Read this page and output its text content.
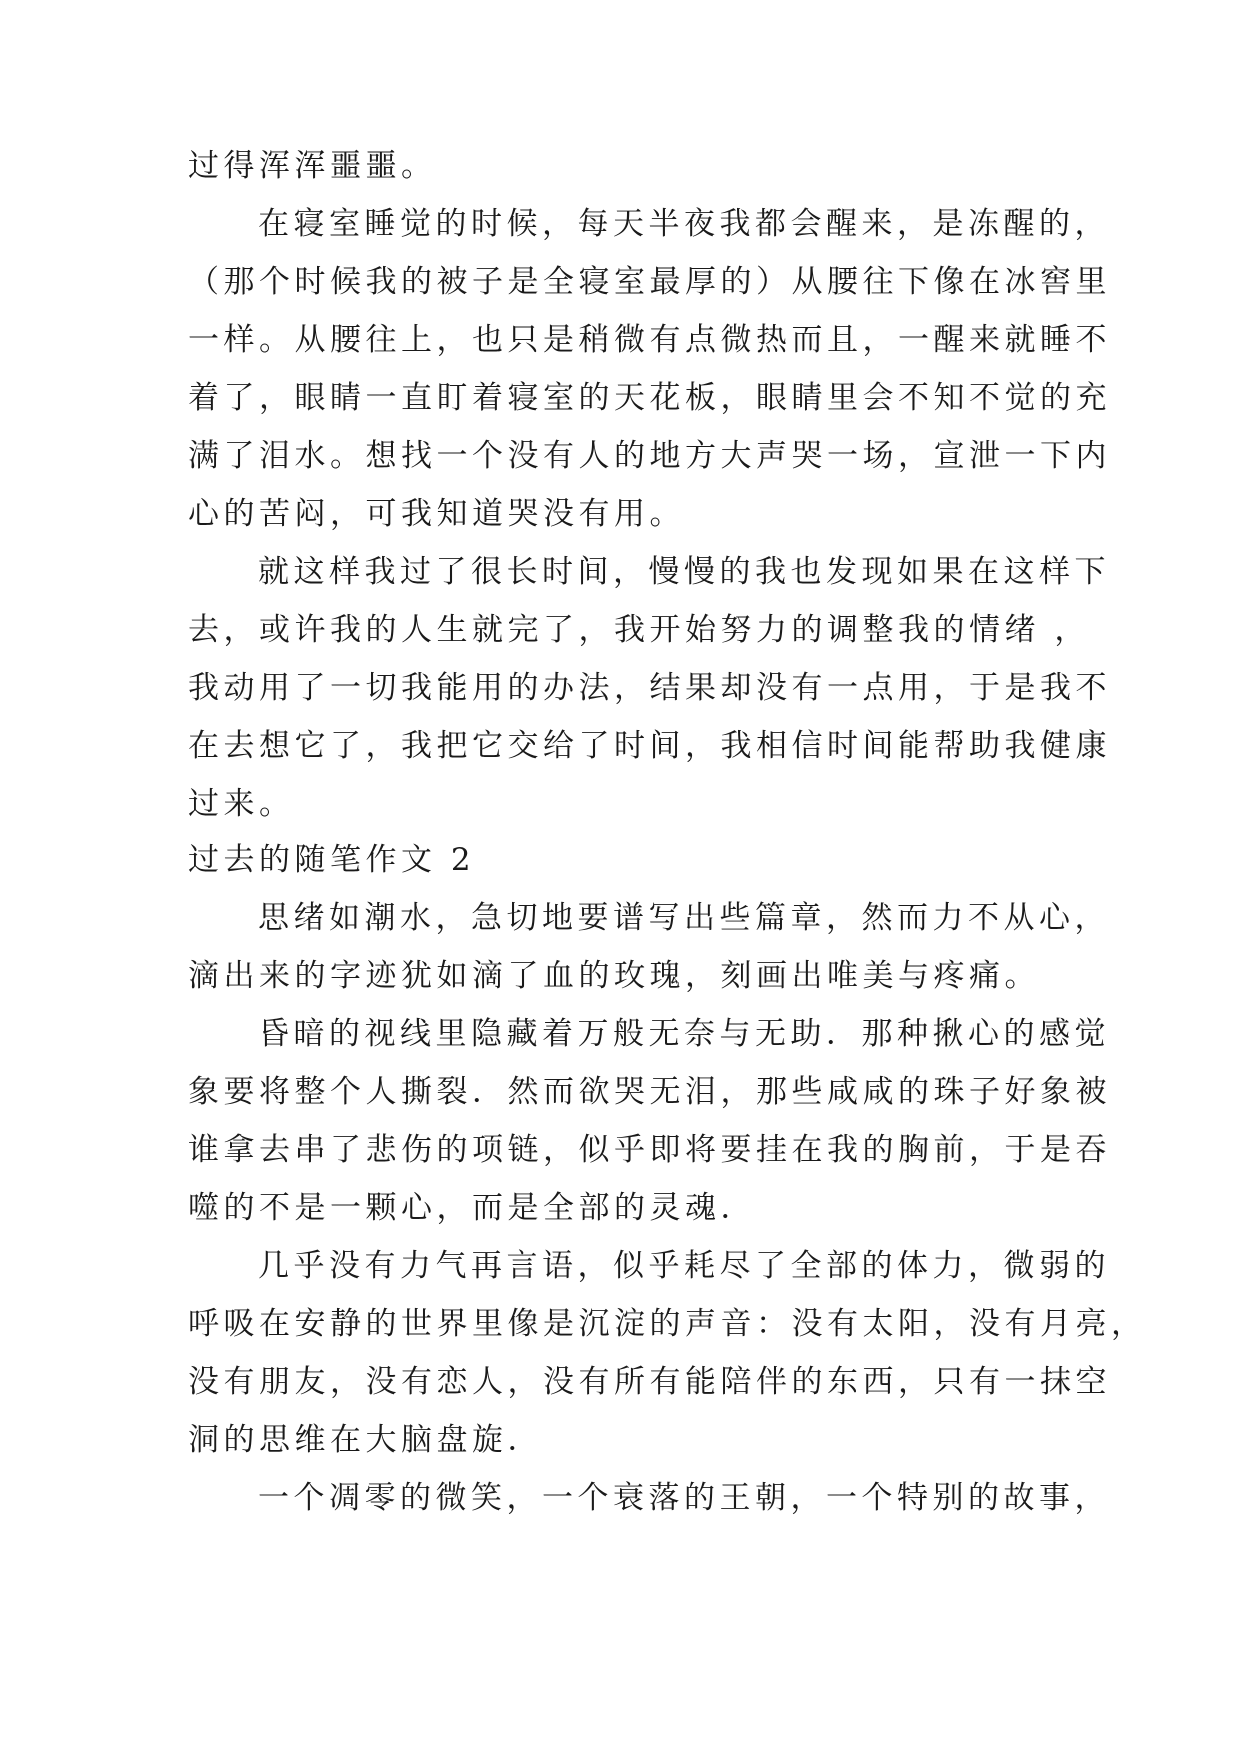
过得浑浑噩噩。
在寝室睡觉的时候，每天半夜我都会醒来，是冻醒的，
（那个时候我的被子是全寝室最厚的）从腰往下像在冰窖里
一样。从腰往上，也只是稍微有点微热而且，一醒来就睡不
着了，眼睛一直盯着寝室的天花板，眼睛里会不知不觉的充
满了泪水。想找一个没有人的地方大声哭一场，宣泄一下内
心的苦闷，可我知道哭没有用。
就这样我过了很长时间，慢慢的我也发现如果在这样下
去，或许我的人生就完了，我开始努力的调整我的情绪 ，
我动用了一切我能用的办法，结果却没有一点用，于是我不
在去想它了，我把它交给了时间，我相信时间能帮助我健康
过来。
过去的随笔作文 2
思绪如潮水，急切地要谱写出些篇章，然而力不从心，
滴出来的字迹犹如滴了血的玫瑰，刻画出唯美与疼痛。
昏暗的视线里隐藏着万般无奈与无助．那种揪心的感觉
象要将整个人撕裂．然而欲哭无泪，那些咸咸的珠子好象被
谁拿去串了悲伤的项链，似乎即将要挂在我的胸前，于是吞
噬的不是一颗心，而是全部的灵魂．
几乎没有力气再言语，似乎耗尽了全部的体力，微弱的
呼吸在安静的世界里像是沉淀的声音：没有太阳，没有月亮，
没有朋友，没有恋人，没有所有能陪伴的东西，只有一抹空
洞的思维在大脑盘旋．
一个凋零的微笑，一个衰落的王朝，一个特别的故事，
